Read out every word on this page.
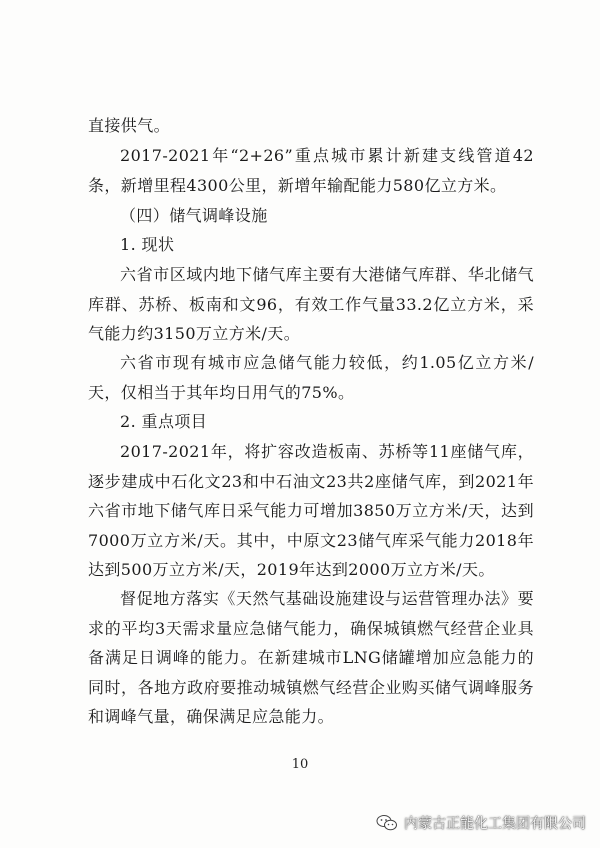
直接供气。

2017-2021年“2+26”重点城市累计新建支线管道42条，新增里程4300公里，新增年输配能力580亿立方米。

（四）储气调峰设施

1. 现状

六省市区域内地下储气库主要有大港储气库群、华北储气库群、苏桥、板南和文96，有效工作气量33.2亿立方米，采气能力约3150万立方米/天。

六省市现有城市应急储气能力较低，约1.05亿立方米/天，仅相当于其年均日用气的75%。

2. 重点项目

2017-2021年，将扩容改造板南、苏桥等11座储气库，逐步建成中石化文23和中石油文23共2座储气库，到2021年六省市地下储气库日采气能力可增加3850万立方米/天，达到7000万立方米/天。其中，中原文23储气库采气能力2018年达到500万立方米/天，2019年达到2000万立方米/天。

督促地方落实《天然气基础设施建设与运营管理办法》要求的平均3天需求量应急储气能力，确保城镇燃气经营企业具备满足日调峰的能力。在新建城市LNG储罐增加应急能力的同时，各地方政府要推动城镇燃气经营企业购买储气调峰服务和调峰气量，确保满足应急能力。

10
内蒙古正能化工集团有限公司
